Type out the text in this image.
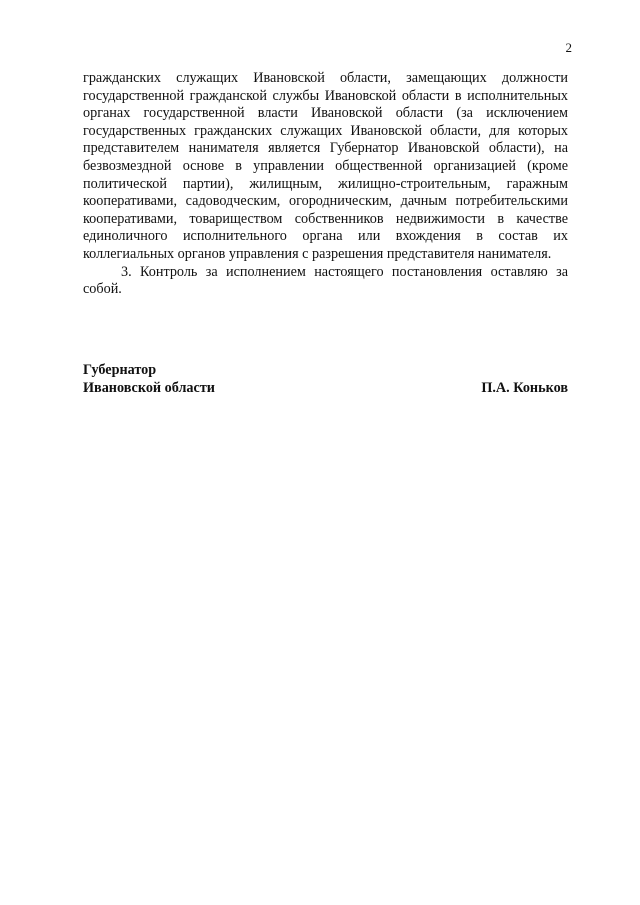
2

гражданских служащих Ивановской области, замещающих должности государственной гражданской службы Ивановской области в исполнительных органах государственной власти Ивановской области (за исключением государственных гражданских служащих Ивановской области, для которых представителем нанимателя является Губернатор Ивановской области), на безвозмездной основе в управлении общественной организацией (кроме политической партии), жилищным, жилищно-строительным, гаражным кооперативами, садоводческим, огородническим, дачным потребительскими кооперативами, товариществом собственников недвижимости в качестве единоличного исполнительного органа или вхождения в состав их коллегиальных органов управления с разрешения представителя нанимателя.

3. Контроль за исполнением настоящего постановления оставляю за собой.

Губернатор
Ивановской области	П.А. Коньков
